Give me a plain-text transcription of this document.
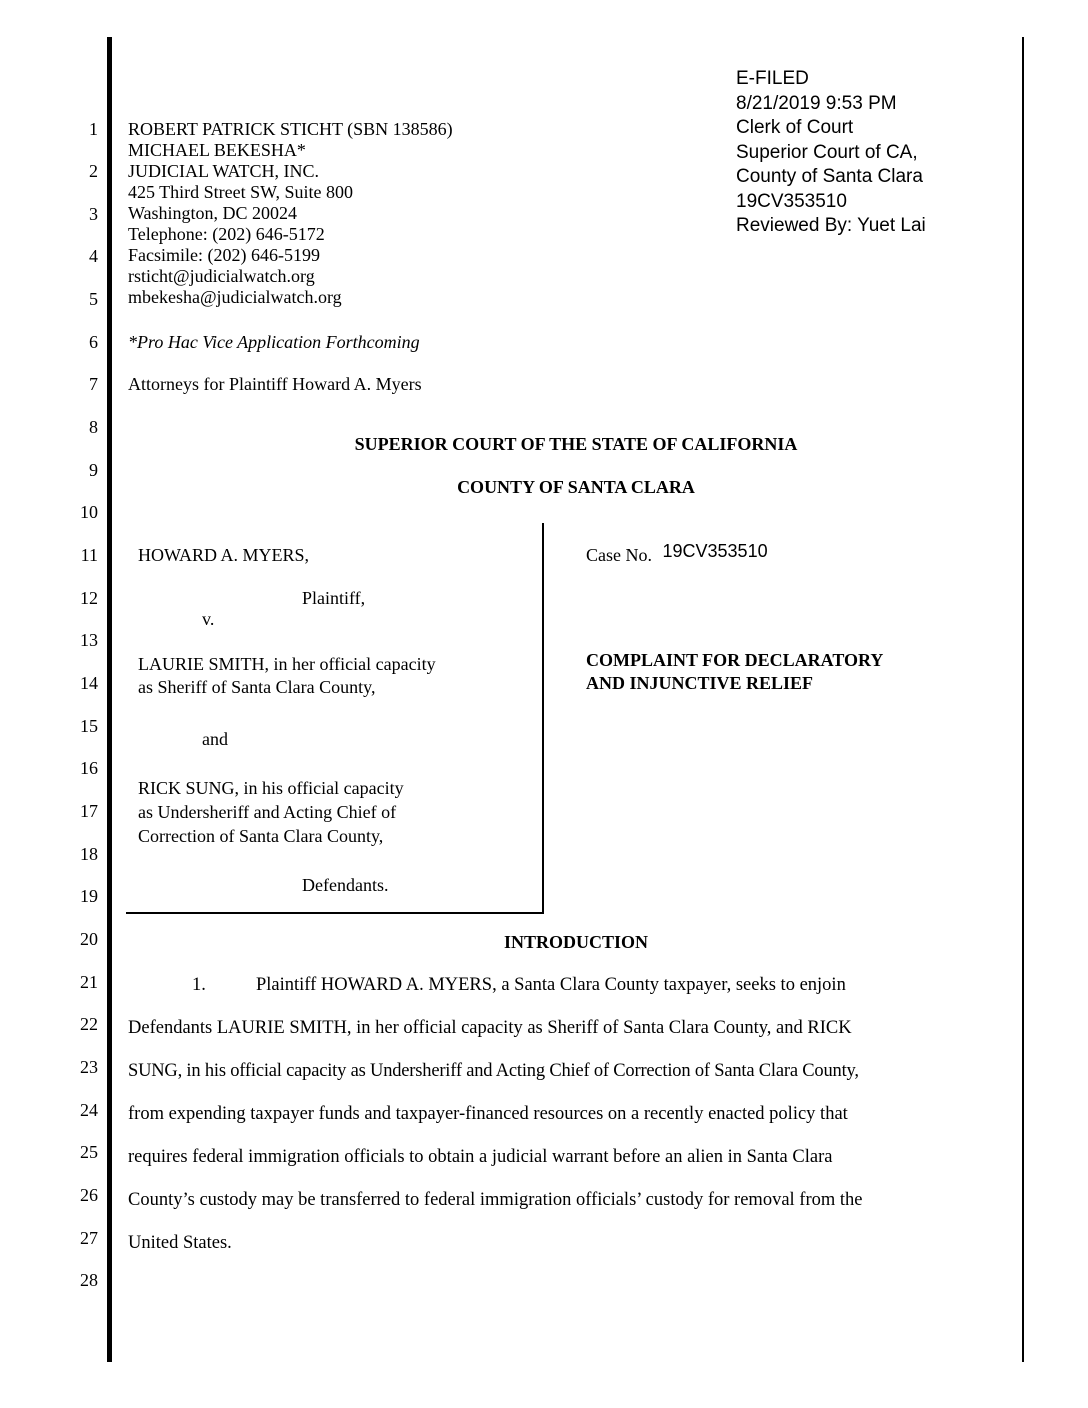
1
2
3
4
5
6
7
8
9
10
11
12
13
14
15
16
17
18
19
20
21
22
23
24
25
26
27
28
E-FILED
8/21/2019 9:53 PM
Clerk of Court
Superior Court of CA,
County of Santa Clara
19CV353510
Reviewed By: Yuet Lai
ROBERT PATRICK STICHT (SBN 138586)
MICHAEL BEKESHA*
JUDICIAL WATCH, INC.
425 Third Street SW, Suite 800
Washington, DC 20024
Telephone: (202) 646-5172
Facsimile: (202) 646-5199
rsticht@judicialwatch.org
mbekesha@judicialwatch.org
*Pro Hac Vice Application Forthcoming
Attorneys for Plaintiff Howard A. Myers
SUPERIOR COURT OF THE STATE OF CALIFORNIA
COUNTY OF SANTA CLARA
HOWARD A. MYERS,
Plaintiff,
v.
LAURIE SMITH, in her official capacity
as Sheriff of Santa Clara County,
and
RICK SUNG, in his official capacity
as Undersheriff and Acting Chief of
Correction of Santa Clara County,
Defendants.
Case No. 19CV353510
COMPLAINT FOR DECLARATORY
AND INJUNCTIVE RELIEF
INTRODUCTION
1.	Plaintiff HOWARD A. MYERS, a Santa Clara County taxpayer, seeks to enjoin
Defendants LAURIE SMITH, in her official capacity as Sheriff of Santa Clara County, and RICK
SUNG, in his official capacity as Undersheriff and Acting Chief of Correction of Santa Clara County,
from expending taxpayer funds and taxpayer-financed resources on a recently enacted policy that
requires federal immigration officials to obtain a judicial warrant before an alien in Santa Clara
County’s custody may be transferred to federal immigration officials’ custody for removal from the
United States.
